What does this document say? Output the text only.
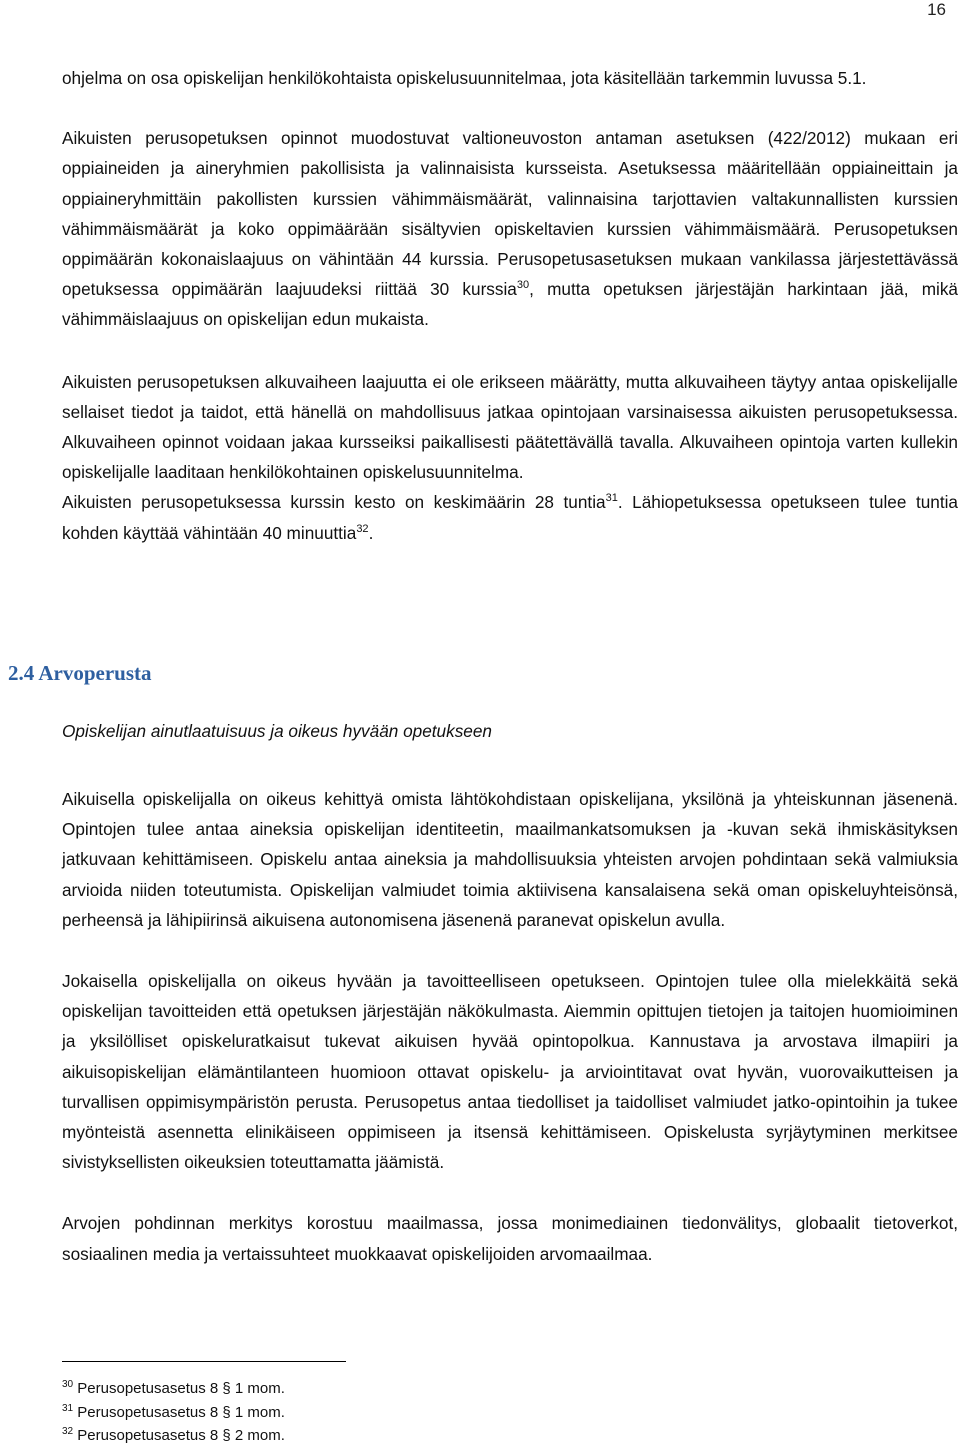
16

ohjelma on osa opiskelijan henkilökohtaista opiskelusuunnitelmaa, jota käsitellään tarkemmin luvussa 5.1.

Aikuisten perusopetuksen opinnot muodostuvat valtioneuvoston antaman asetuksen (422/2012) mukaan eri oppiaineiden ja aineryhmien pakollisista ja valinnaisista kursseista. Asetuksessa määritellään oppiaineittain ja oppiaineryhmittäin pakollisten kurssien vähimmäismäärät, valinnaisina tarjottavien valtakunnallisten kurssien vähimmäismäärät ja koko oppimäärään sisältyvien opiskeltavien kurssien vähimmäismäärä. Perusopetuksen oppimäärän kokonaislaajuus on vähintään 44 kurssia. Perusopetusasetuksen mukaan vankilassa järjestettävässä opetuksessa oppimäärän laajuudeksi riittää 30 kurssia$^{30}$, mutta opetuksen järjestäjän harkintaan jää, mikä vähimmäislaajuus on opiskelijan edun mukaista.

Aikuisten perusopetuksen alkuvaiheen laajuutta ei ole erikseen määrätty, mutta alkuvaiheen täytyy antaa opiskelijalle sellaiset tiedot ja taidot, että hänellä on mahdollisuus jatkaa opintojaan varsinaisessa aikuisten perusopetuksessa. Alkuvaiheen opinnot voidaan jakaa kursseiksi paikallisesti päätettävällä tavalla. Alkuvaiheen opintoja varten kullekin opiskelijalle laaditaan henkilökohtainen opiskelusuunnitelma.

Aikuisten perusopetuksessa kurssin kesto on keskimäärin 28 tuntia$^{31}$. Lähiopetuksessa opetukseen tulee tuntia kohden käyttää vähintään 40 minuuttia$^{32}$.

2.4 Arvoperusta
Opiskelijan ainutlaatuisuus ja oikeus hyvään opetukseen

Aikuisella opiskelijalla on oikeus kehittyä omista lähtökohdistaan opiskelijana, yksilönä ja yhteiskunnan jäsenenä. Opintojen tulee antaa aineksia opiskelijan identiteetin, maailmankatsomuksen ja -kuvan sekä ihmiskäsityksen jatkuvaan kehittämiseen. Opiskelu antaa aineksia ja mahdollisuuksia yhteisten arvojen pohdintaan sekä valmiuksia arvioida niiden toteutumista. Opiskelijan valmiudet toimia aktiivisena kansalaisena sekä oman opiskeluyhteisönsä, perheensä ja lähipiirinsä aikuisena autonomisena jäsenenä paranevat opiskelun avulla.

Jokaisella opiskelijalla on oikeus hyvään ja tavoitteelliseen opetukseen. Opintojen tulee olla mielekkäitä sekä opiskelijan tavoitteiden että opetuksen järjestäjän näkökulmasta. Aiemmin opittujen tietojen ja taitojen huomioiminen ja yksilölliset opiskeluratkaisut tukevat aikuisen hyvää opintopolkua. Kannustava ja arvostava ilmapiiri ja aikuisopiskelijan elämäntilanteen huomioon ottavat opiskelu- ja arviointitavat ovat hyvän, vuorovaikutteisen ja turvallisen oppimisympäristön perusta. Perusopetus antaa tiedolliset ja taidolliset valmiudet jatko-opintoihin ja tukee myönteistä asennetta elinikäiseen oppimiseen ja itsensä kehittämiseen. Opiskelusta syrjäytyminen merkitsee sivistyksellisten oikeuksien toteuttamatta jäämistä.

Arvojen pohdinnan merkitys korostuu maailmassa, jossa monimediainen tiedonvälitys, globaalit tietoverkot, sosiaalinen media ja vertaissuhteet muokkaavat opiskelijoiden arvomaailmaa.

$^{30}$ Perusopetusasetus 8 § 1 mom.
$^{31}$ Perusopetusasetus 8 § 1 mom.
$^{32}$ Perusopetusasetus 8 § 2 mom.
